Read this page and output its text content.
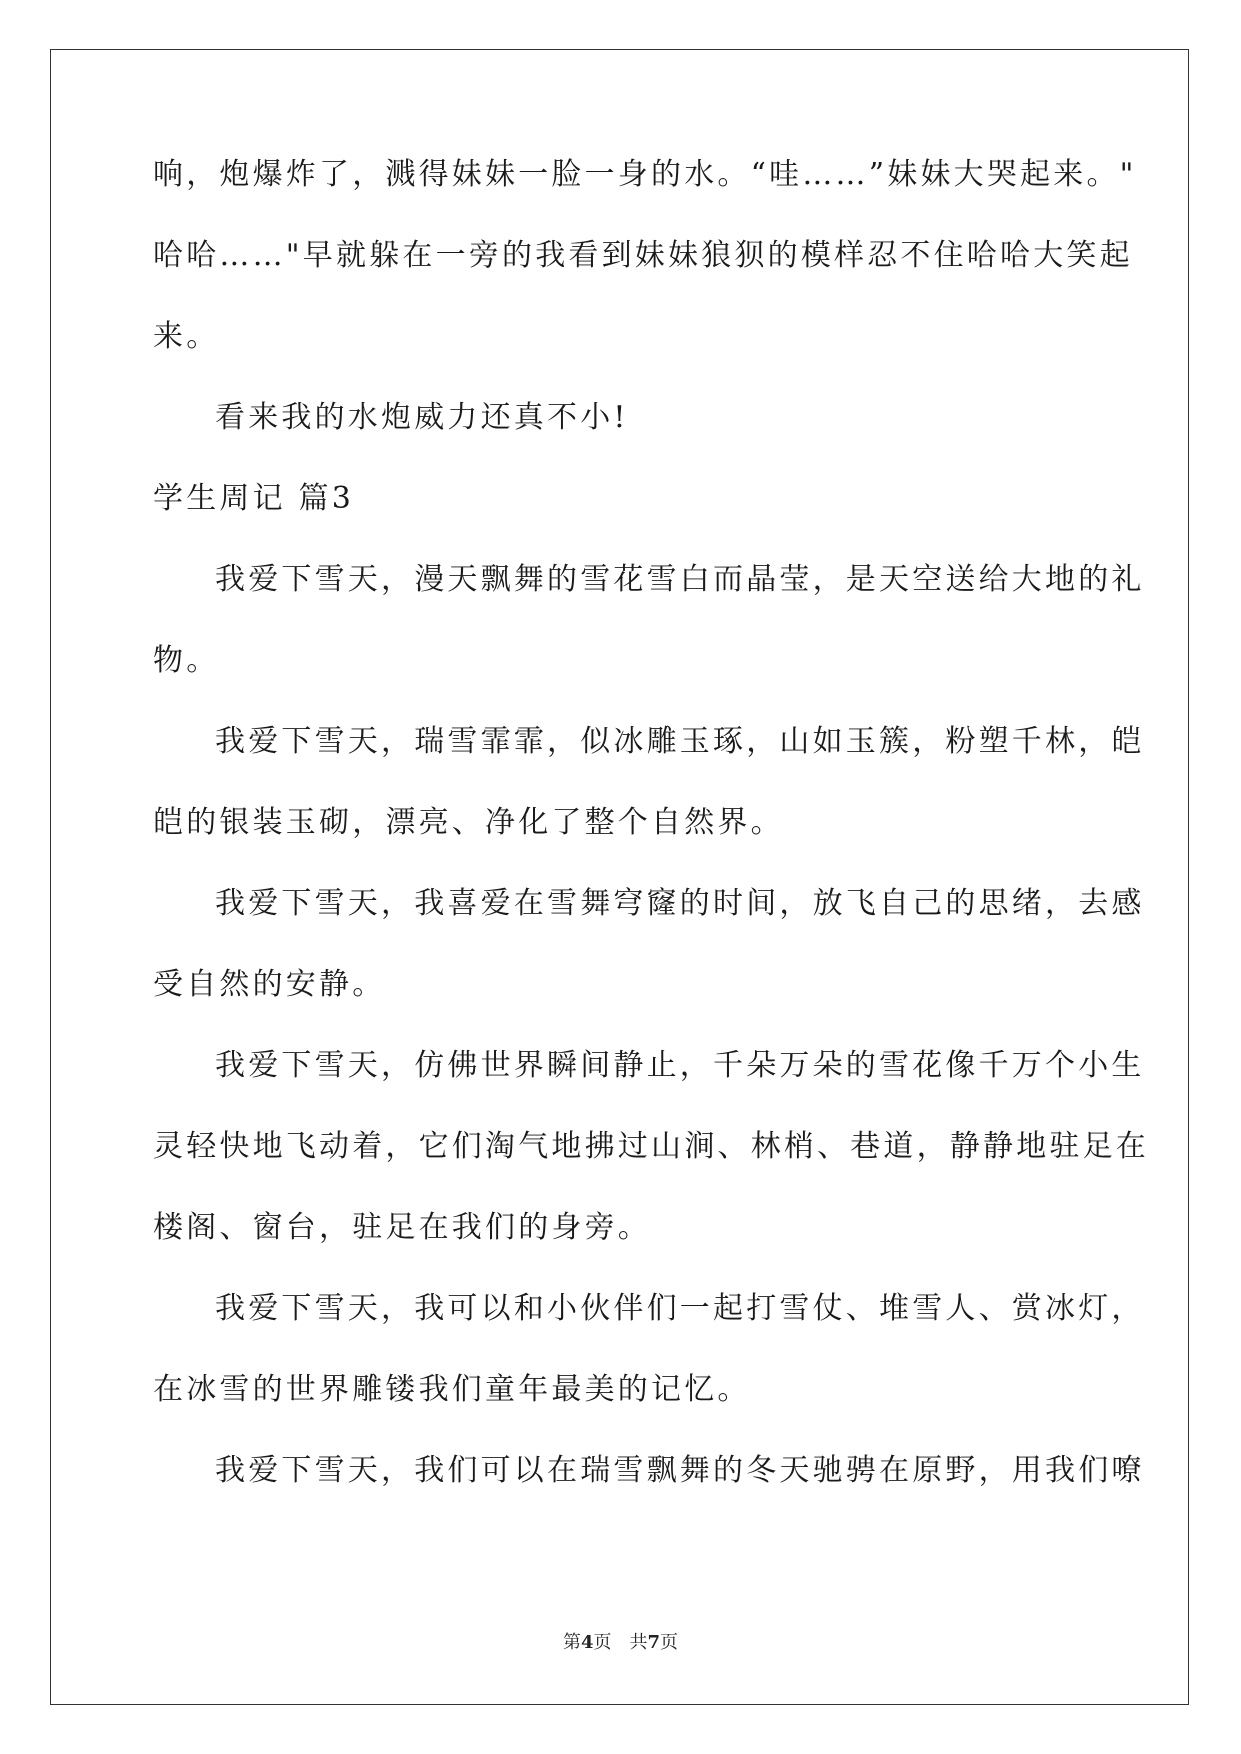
响，炮爆炸了，溅得妹妹一脸一身的水。“哇……”妹妹大哭起来。"
哈哈……"早就躲在一旁的我看到妹妹狼狈的模样忍不住哈哈大笑起
来。
看来我的水炮威力还真不小!
学生周记 篇3
我爱下雪天，漫天飘舞的雪花雪白而晶莹，是天空送给大地的礼
物。
我爱下雪天，瑞雪霏霏，似冰雕玉琢，山如玉簇，粉塑千林，皑
皑的银装玉砌，漂亮、净化了整个自然界。
我爱下雪天，我喜爱在雪舞穹窿的时间，放飞自己的思绪，去感
受自然的安静。
我爱下雪天，仿佛世界瞬间静止，千朵万朵的雪花像千万个小生
灵轻快地飞动着，它们淘气地拂过山涧、林梢、巷道，静静地驻足在
楼阁、窗台，驻足在我们的身旁。
我爱下雪天，我可以和小伙伴们一起打雪仗、堆雪人、赏冰灯，
在冰雪的世界雕镂我们童年最美的记忆。
我爱下雪天，我们可以在瑞雪飘舞的冬天驰骋在原野，用我们嘹
第4页 共7页
